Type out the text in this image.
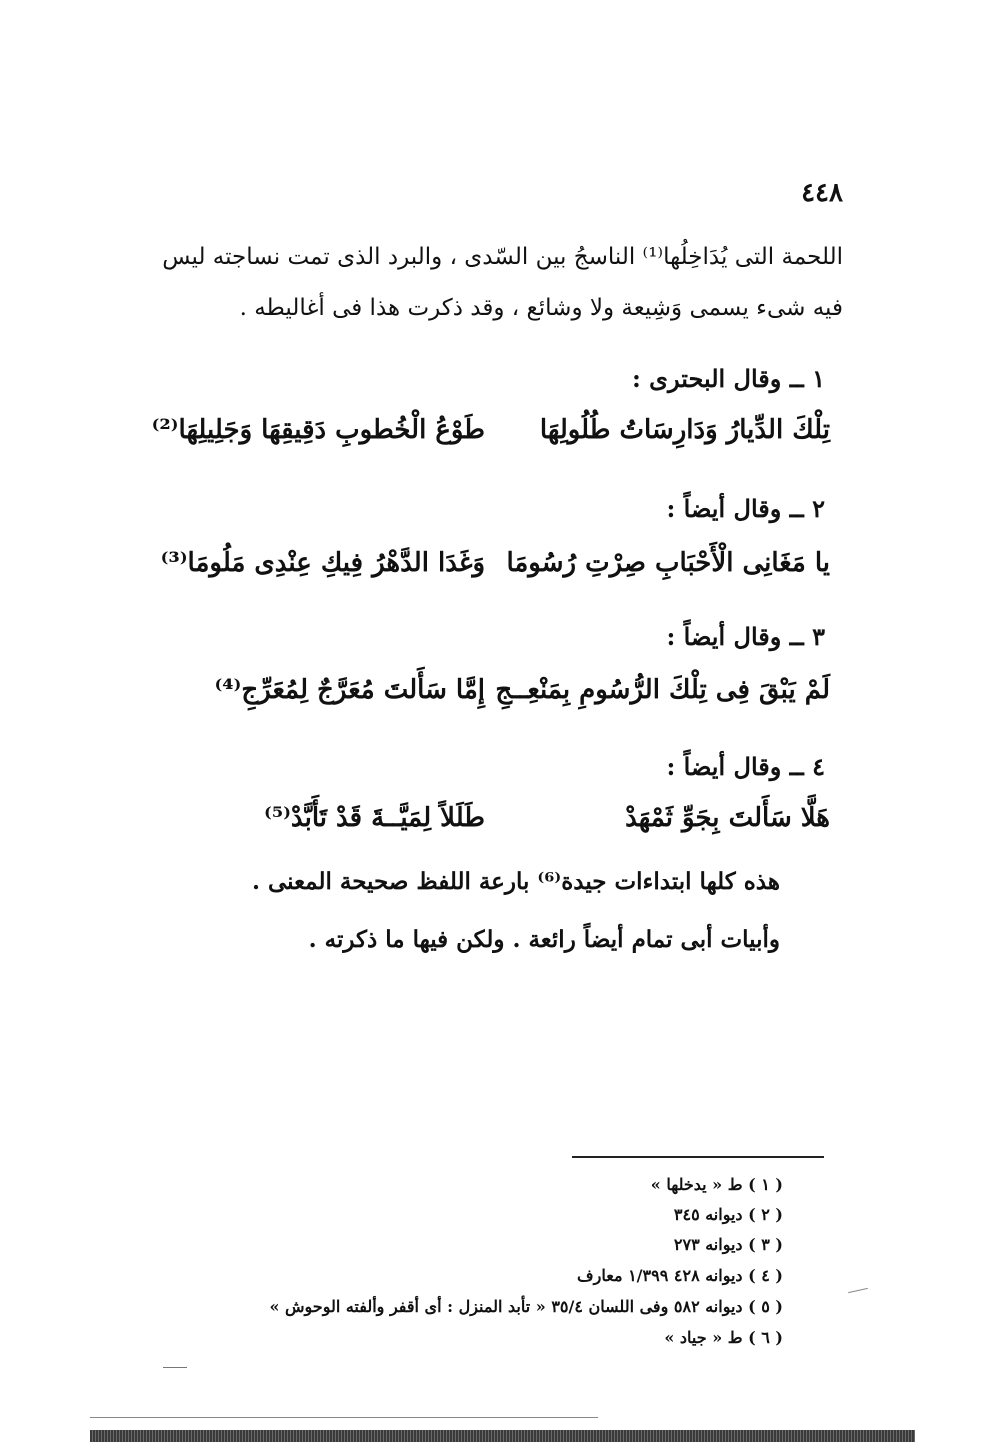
٤٤٨
اللحمة التى يُدَاخِلُها⁽¹⁾ الناسجُ بين السّدى ، والبرد الذى تمت نساجته ليس فيه شىء يسمى وَشِيعة ولا وشائع ، وقد ذكرت هذا فى أغاليطه .
١ ــ وقال البحترى :
تِلْكَ الدِّيارُ وَدَارِسَاتُ طُلُولِهَا
طَوْعُ الْخُطوبِ دَقِيقِهَا وَجَلِيلِهَا⁽²⁾
٢ ــ وقال أيضاً :
يا مَغَانِى الْأَحْبَابِ صِرْتِ رُسُومَا
وَغَدَا الدَّهْرُ فِيكِ عِنْدِى مَلُومَا⁽³⁾
٣ ــ وقال أيضاً :
لَمْ يَبْقَ فِى تِلْكَ الرُّسُومِ بِمَنْعِــجِ
إِمَّا سَأَلتَ مُعَرَّجٌ لِمُعَرِّجِ⁽⁴⁾
٤ ــ وقال أيضاً :
هَلَّا سَأَلتَ بِجَوِّ ثَمْهَدْ
طَلَلاً لِمَيَّــةَ قَدْ تَأَبَّدْ⁽⁵⁾
هذه كلها ابتداءات جيدة⁽⁶⁾ بارعة اللفظ صحيحة المعنى .
وأبيات أبى تمام أيضاً رائعة . ولكن فيها ما ذكرته .
( ١ ) ط « يدخلها »
( ٢ ) ديوانه ٣٤٥
( ٣ ) ديوانه ٢٧٣
( ٤ ) ديوانه ٤٢٨ ١/٣٩٩ معارف
( ٥ ) ديوانه ٥٨٢ وفى اللسان ٣٥/٤ « تأبد المنزل : أى أقفر وألفته الوحوش »
( ٦ ) ط « جياد »
